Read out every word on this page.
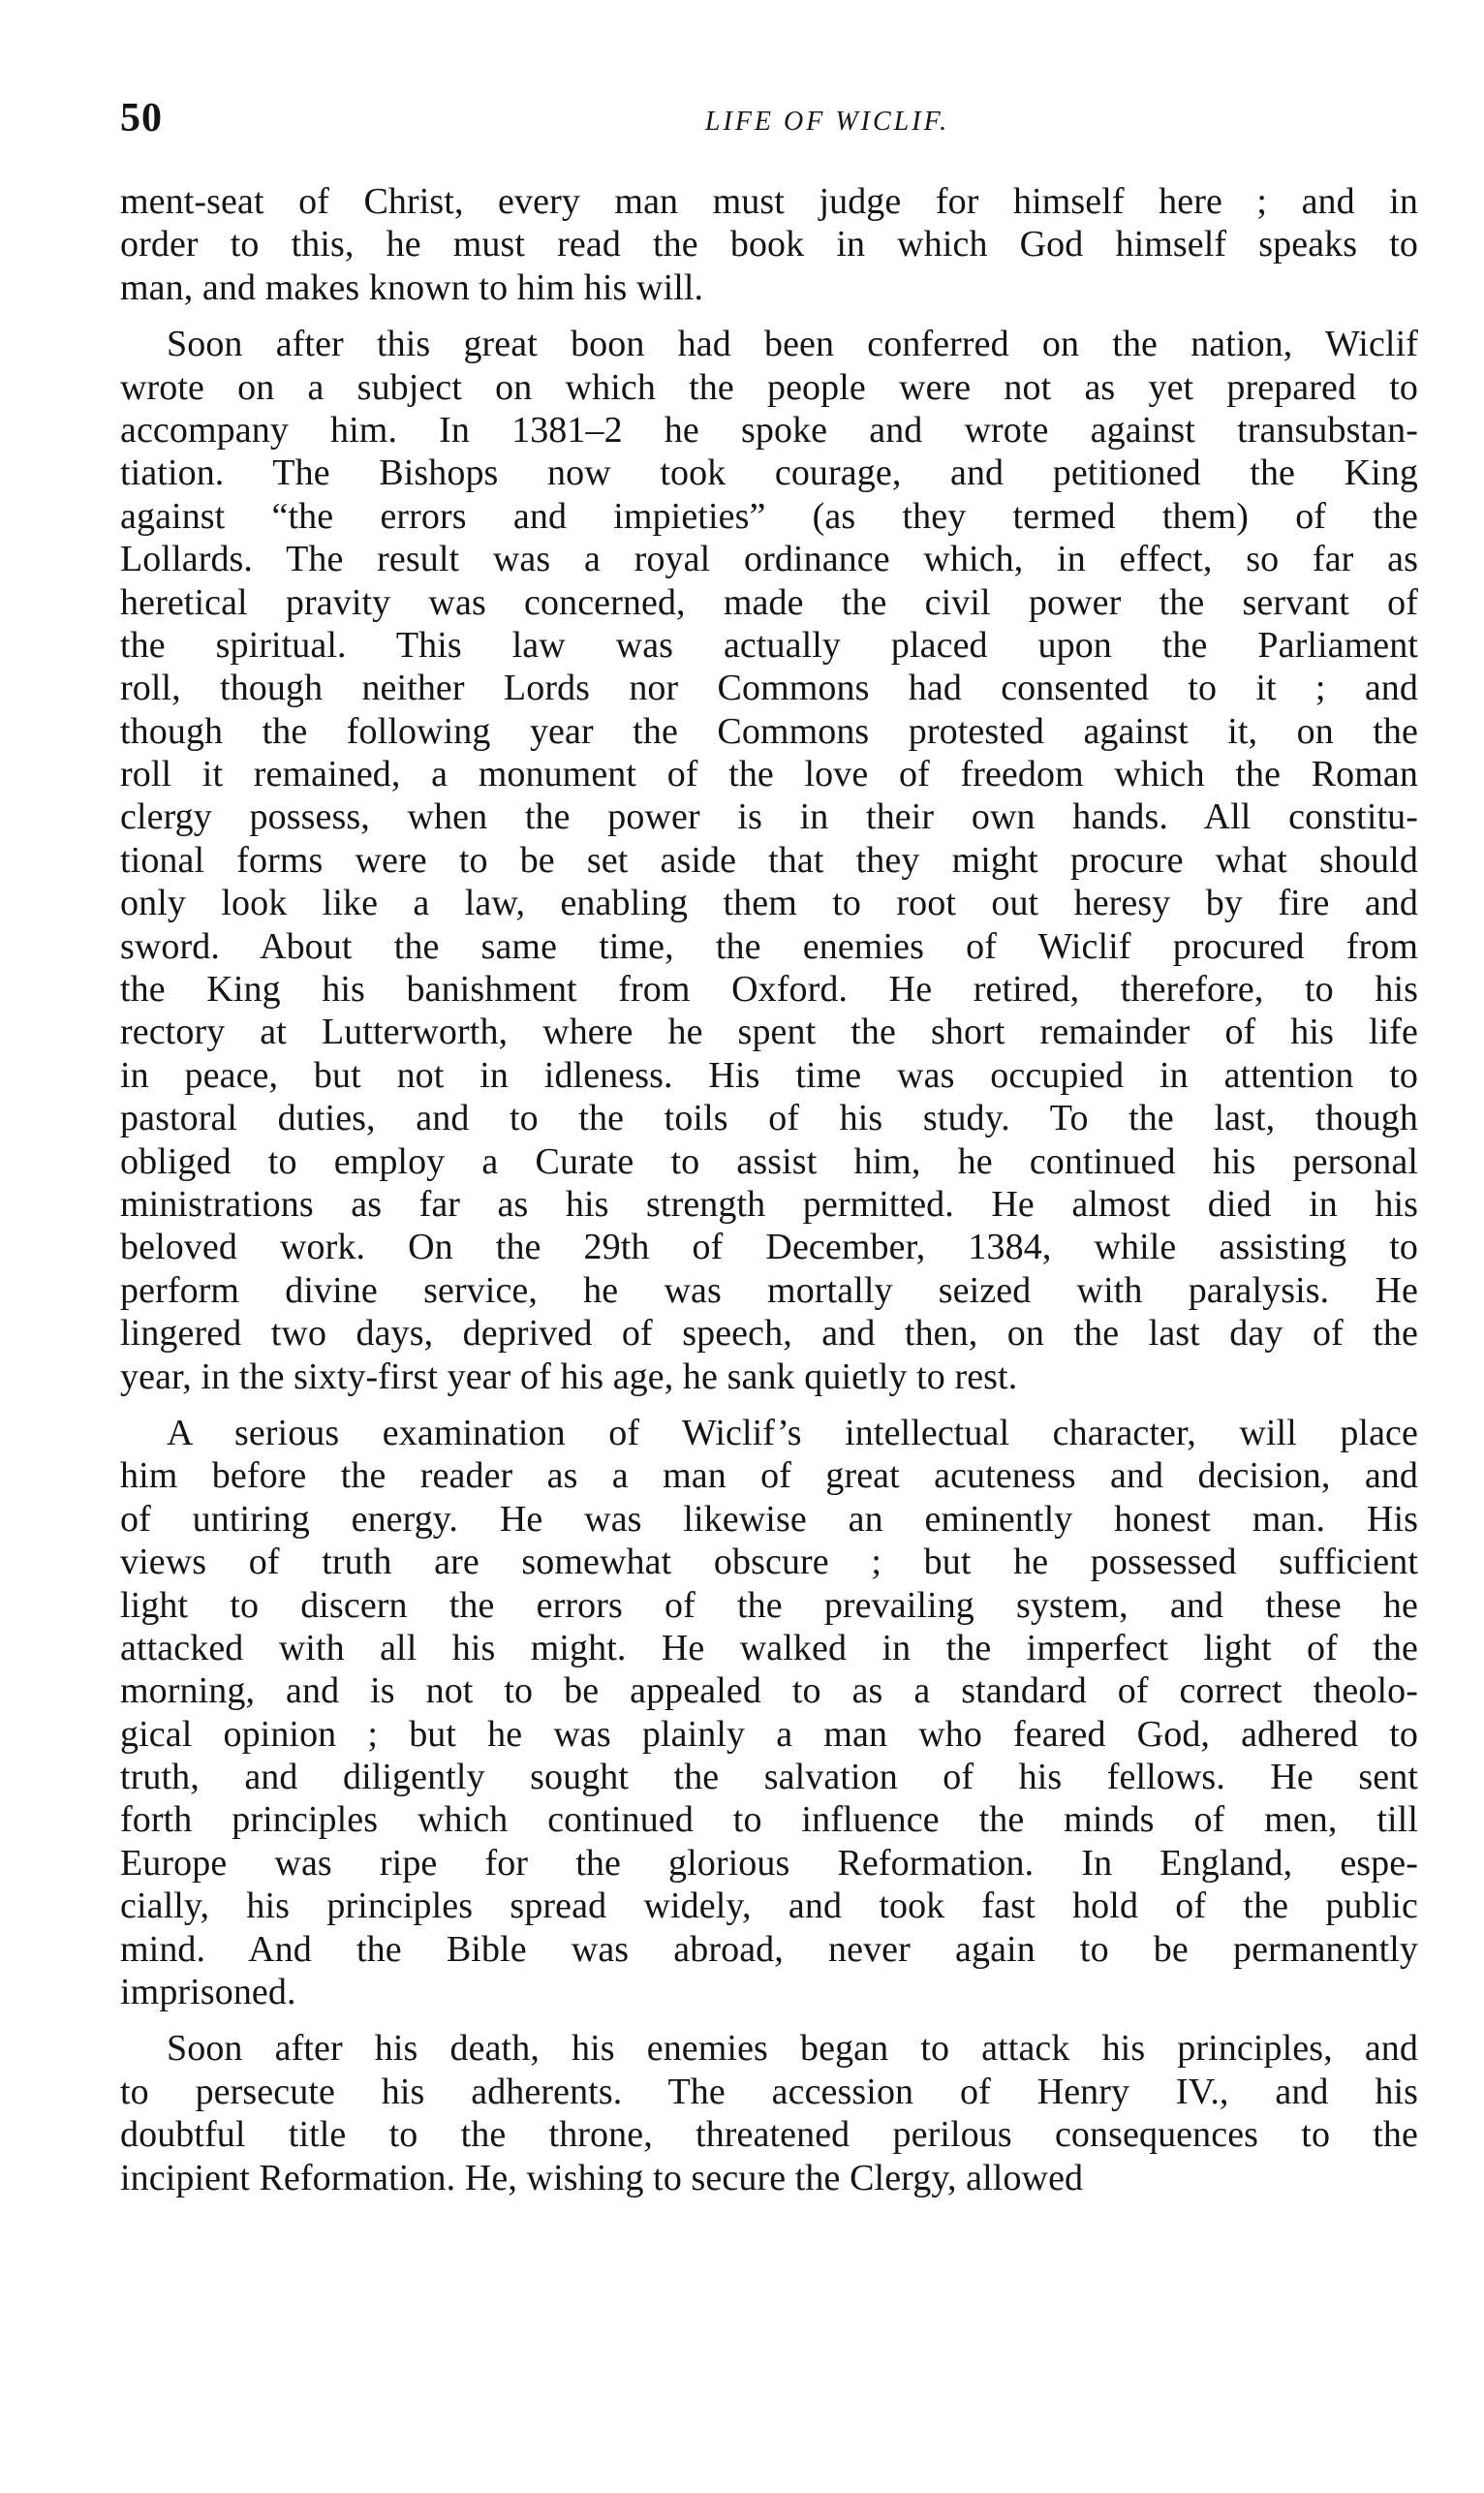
50	LIFE OF WICLIF.
ment-seat of Christ, every man must judge for himself here ; and in
order to this, he must read the book in which God himself speaks to
man, and makes known to him his will.
Soon after this great boon had been conferred on the nation, Wiclif
wrote on a subject on which the people were not as yet prepared to
accompany him. In 1381–2 he spoke and wrote against transubstan-
tiation. The Bishops now took courage, and petitioned the King
against “the errors and impieties” (as they termed them) of the
Lollards. The result was a royal ordinance which, in effect, so far as
heretical pravity was concerned, made the civil power the servant of
the spiritual. This law was actually placed upon the Parliament
roll, though neither Lords nor Commons had consented to it ; and
though the following year the Commons protested against it, on the
roll it remained, a monument of the love of freedom which the Roman
clergy possess, when the power is in their own hands. All constitu-
tional forms were to be set aside that they might procure what should
only look like a law, enabling them to root out heresy by fire and
sword. About the same time, the enemies of Wiclif procured from
the King his banishment from Oxford. He retired, therefore, to his
rectory at Lutterworth, where he spent the short remainder of his life
in peace, but not in idleness. His time was occupied in attention to
pastoral duties, and to the toils of his study. To the last, though
obliged to employ a Curate to assist him, he continued his personal
ministrations as far as his strength permitted. He almost died in his
beloved work. On the 29th of December, 1384, while assisting to
perform divine service, he was mortally seized with paralysis. He
lingered two days, deprived of speech, and then, on the last day of the
year, in the sixty-first year of his age, he sank quietly to rest.
A serious examination of Wiclif’s intellectual character, will place
him before the reader as a man of great acuteness and decision, and
of untiring energy. He was likewise an eminently honest man. His
views of truth are somewhat obscure ; but he possessed sufficient
light to discern the errors of the prevailing system, and these he
attacked with all his might. He walked in the imperfect light of the
morning, and is not to be appealed to as a standard of correct theolo-
gical opinion ; but he was plainly a man who feared God, adhered to
truth, and diligently sought the salvation of his fellows. He sent
forth principles which continued to influence the minds of men, till
Europe was ripe for the glorious Reformation. In England, espe-
cially, his principles spread widely, and took fast hold of the public
mind. And the Bible was abroad, never again to be permanently
imprisoned.
Soon after his death, his enemies began to attack his principles, and
to persecute his adherents. The accession of Henry IV., and his
doubtful title to the throne, threatened perilous consequences to the
incipient Reformation. He, wishing to secure the Clergy, allowed
